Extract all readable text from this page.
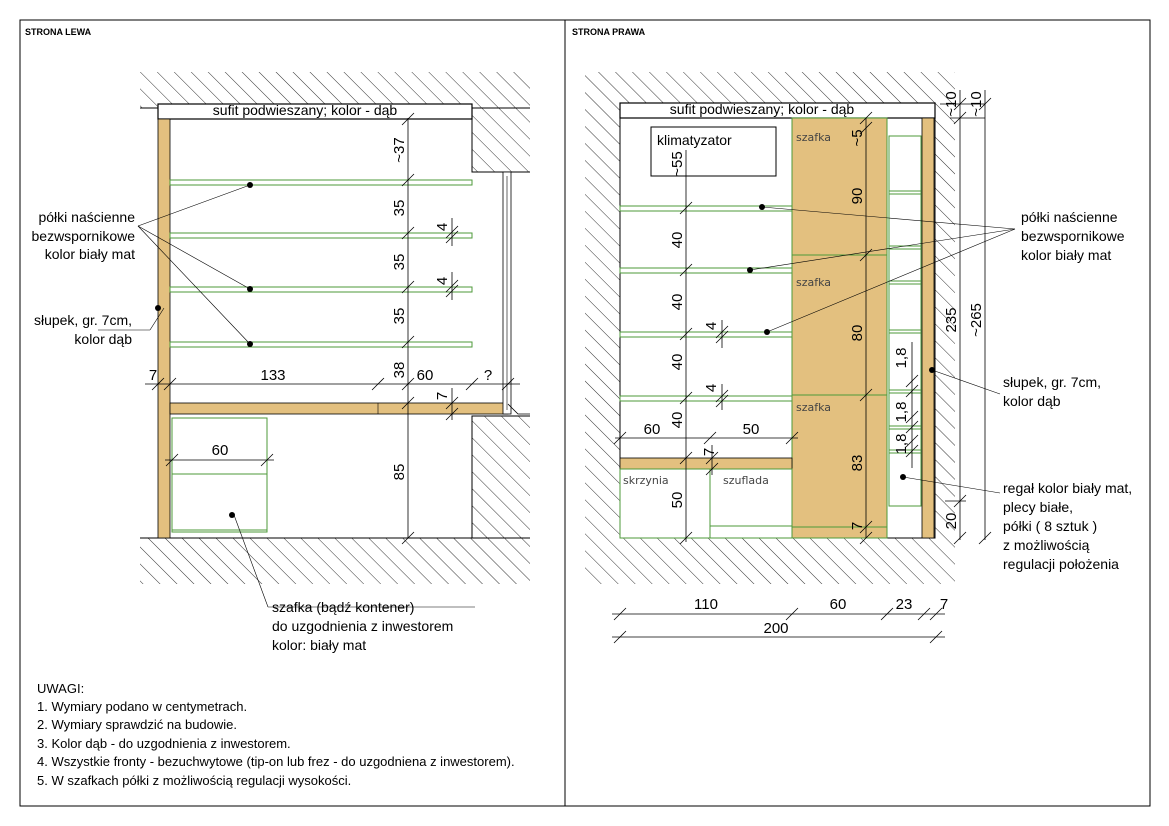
STRONA LEWA	STRONA PRAWA
sufit podwieszany; kolor - dąb
~37
35
35
35
38
85
4
4
7
7	133	60	?
60
półki naścienne
bezwspornikowe
kolor biały mat
słupek, gr. 7cm,
kolor dąb
szafka (bądź kontener)
do uzgodnienia z inwestorem
kolor: biały mat
sufit podwieszany; kolor - dąb
szafka
szafka
szafka
klimatyzator
skrzynia	szuflada
~55
40
40
40
40
50
4
4
7
60	50
~5
90
80
83
7
1,8
1,8
1,8
~10
235
20
~10
~265
110	60	23 7
200
półki naścienne
bezwspornikowe
kolor biały mat
słupek, gr. 7cm,
kolor dąb
regał kolor biały mat,
plecy białe,
półki ( 8 sztuk )
z możliwością
regulacji położenia
UWAGI:
1. Wymiary podano w centymetrach.
2. Wymiary sprawdzić na budowie.
3. Kolor dąb - do uzgodnienia z inwestorem.
4. Wszystkie fronty - bezuchwytowe (tip-on lub frez - do uzgodniena z inwestorem).
5. W szafkach półki z możliwością regulacji wysokości.
